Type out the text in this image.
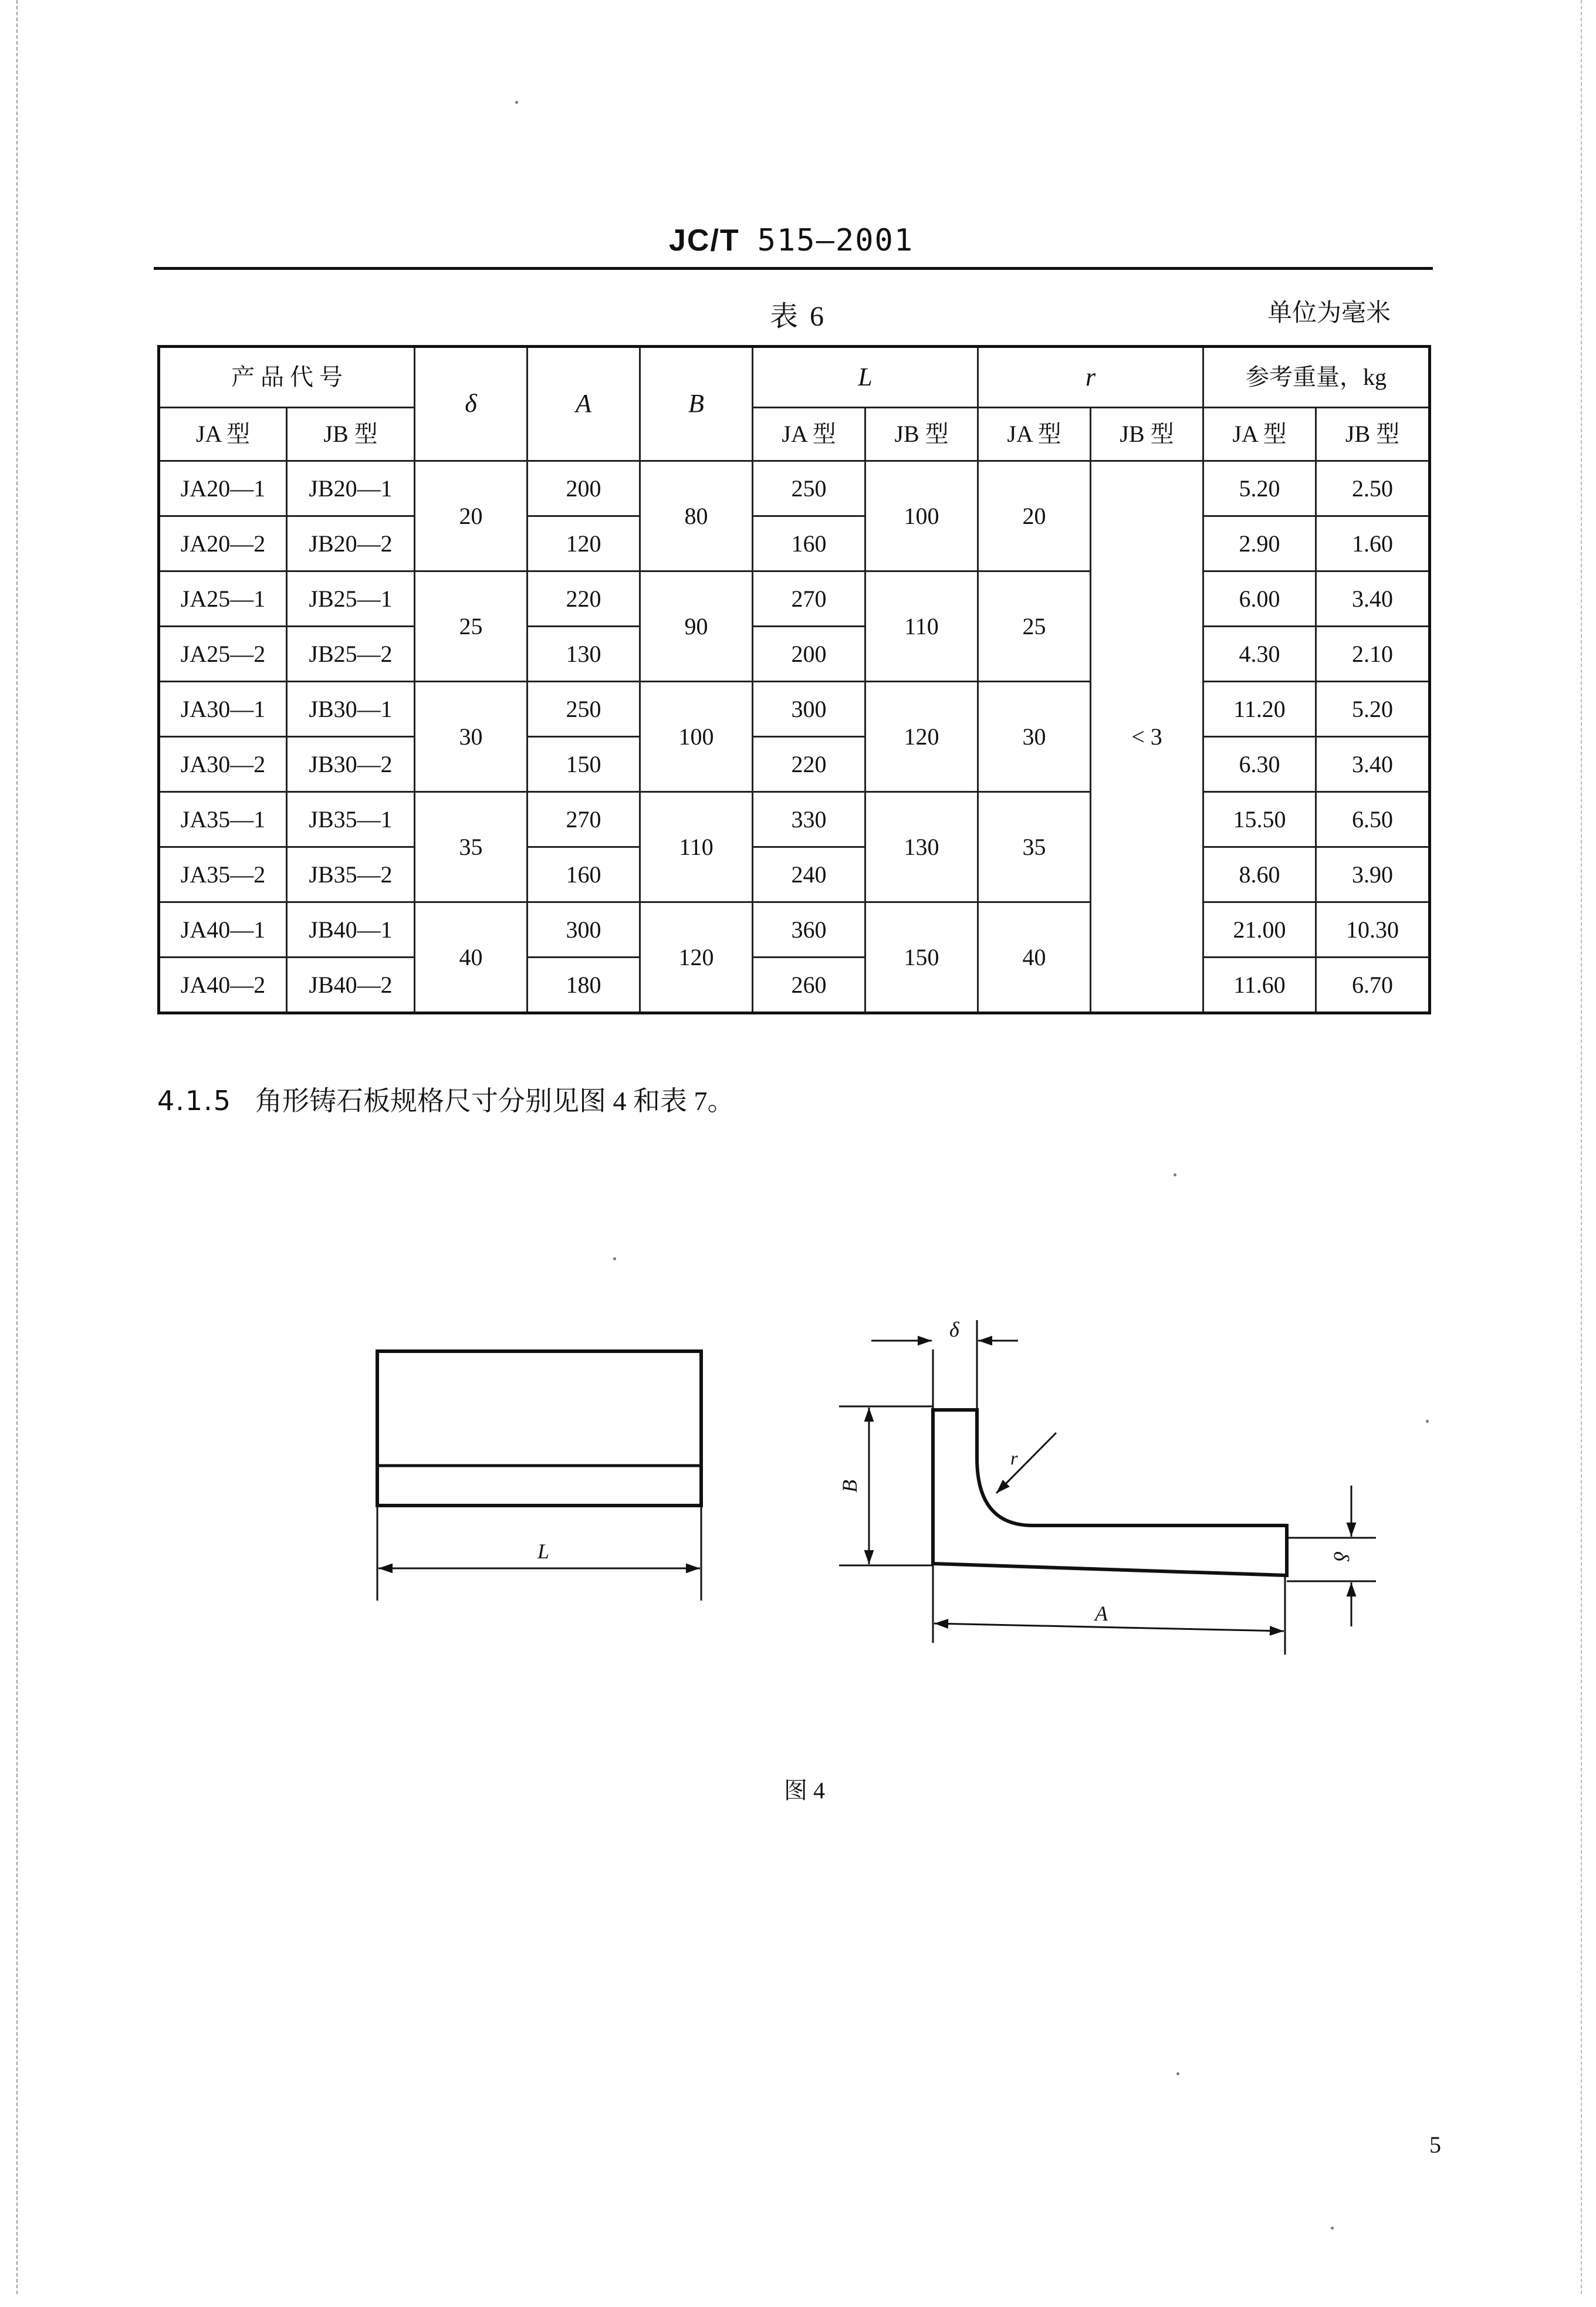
JC/T 515—2001
表 6	单位为毫米
产 品 代 号		δ	A	B	L		r		参考重量，kg	
JA 型	JB 型				JA 型	JB 型	JA 型	JB 型	JA 型	JB 型
JA20—1	JB20—1	20	200	80	250	100	20	< 3	5.20	2.50
JA20—2	JB20—2		120		160				2.90	1.60
JA25—1	JB25—1	25	220	90	270	110	25		6.00	3.40
JA25—2	JB25—2		130		200				4.30	2.10
JA30—1	JB30—1	30	250	100	300	120	30		11.20	5.20
JA30—2	JB30—2		150		220				6.30	3.40
JA35—1	JB35—1	35	270	110	330	130	35		15.50	6.50
JA35—2	JB35—2		160		240				8.60	3.90
JA40—1	JB40—1	40	300	120	360	150	40		21.00	10.30
JA40—2	JB40—2		180		260				11.60	6.70
4.1.5 角形铸石板规格尺寸分别见图 4 和表 7。
L
δ
B
r
δ
A
图 4
5
